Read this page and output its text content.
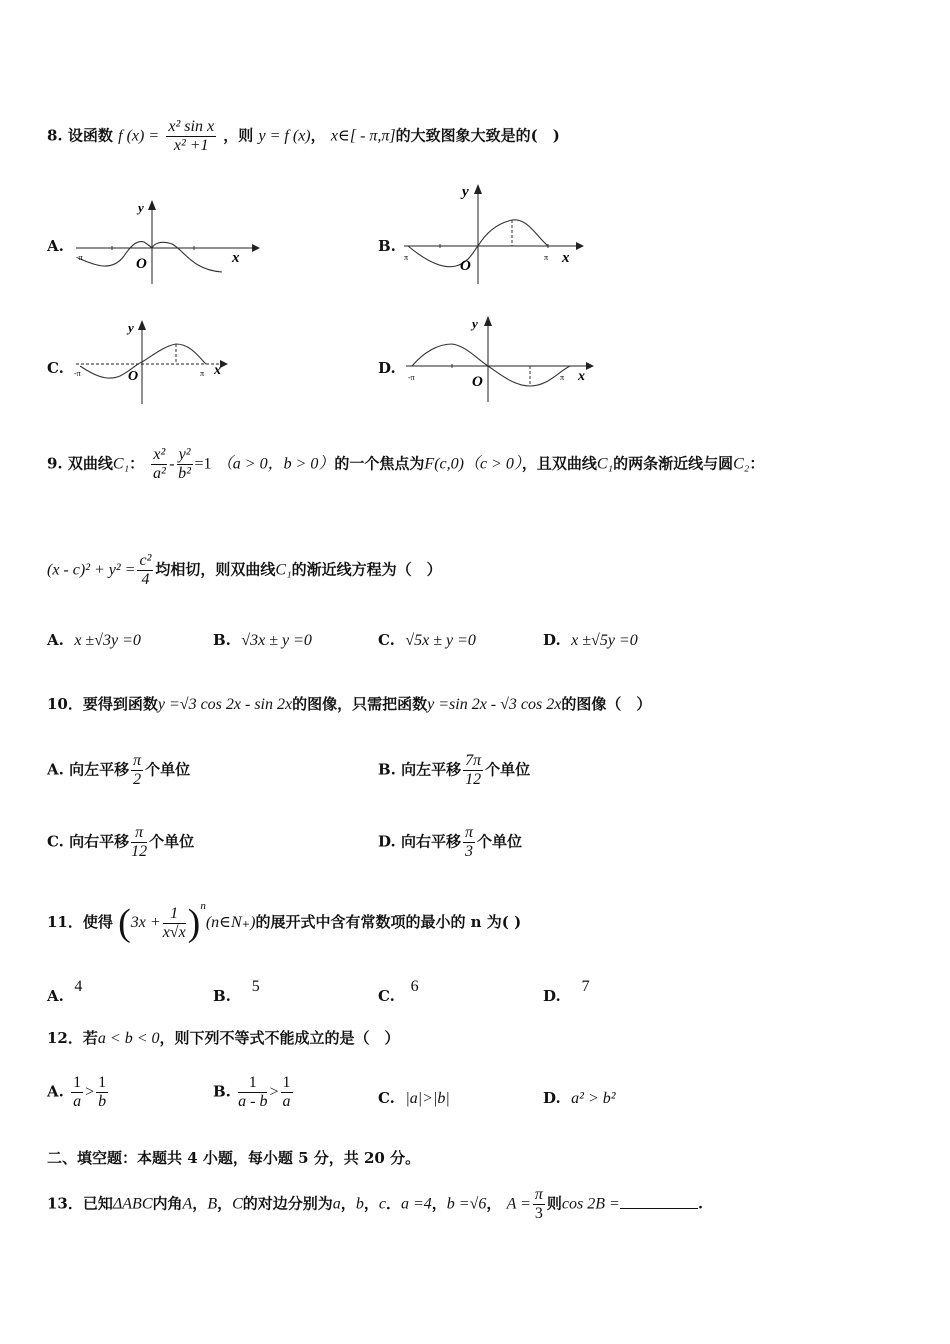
8. 设函数 f $(x) = \frac{\text{x² sin x}}{\text{x² +1}}$ ，则 y = f (x)， x∈[ - π,π]的大致图象大致是的(　)
A.
y
x
O
-π
B.
y
x
O
π	π
C.
y
x
O
-π	π	D.
y
x
O
-π	π
9. 双曲线C₁： $\frac{\text{x²}}{\text{a²}} - \frac{\text{y²}}{\text{b²}} =1$ （a > 0，b > 0）的一个焦点为F(c,0)（c > 0），且双曲线C₁的两条渐近线与圆C₂：
$(x - c)^2 + y^2 = \frac{\text{c²}}{4}$ 均相切，则双曲线C₁的渐近线方程为（　）
A. x ±√3y =0	B. √3x ± y =0	C. √5x ± y =0	D. x ±√5y =0
10．要得到函数y =√3 cos 2x - sin 2x的图像，只需把函数y =sin 2x - √3 cos 2x的图像（　）
A. 向左平移 $\frac{\pi}{2}$ 个单位	B. 向左平移 $\frac{7\pi}{12}$ 个单位
C. 向右平移 $\frac{\pi}{12}$ 个单位	D. 向右平移 $\frac{\pi}{3}$ 个单位
11．使得 ($3x + \frac{1}{x√x}$ )$^n(n\in N_+)$的展开式中含有常数项的最小的 n 为( )
A.  4
B.    5
C.   6
D.    7
12．若a < b < 0，则下列不等式不能成立的是（　）
A. $\frac{1}{a} > \frac{1}{b}$	B. $\frac{1}{a - b} > \frac{1}{a}$	C. |a|>|b|	D. a² > b²
二、填空题：本题共 4 小题，每小题 5 分，共 20 分。
13．已知ΔABC内角A，B，C的对边分别为a，b，c．a =4，b =√6， $A = \frac{\pi}{3}$ 则cos 2B =	.
